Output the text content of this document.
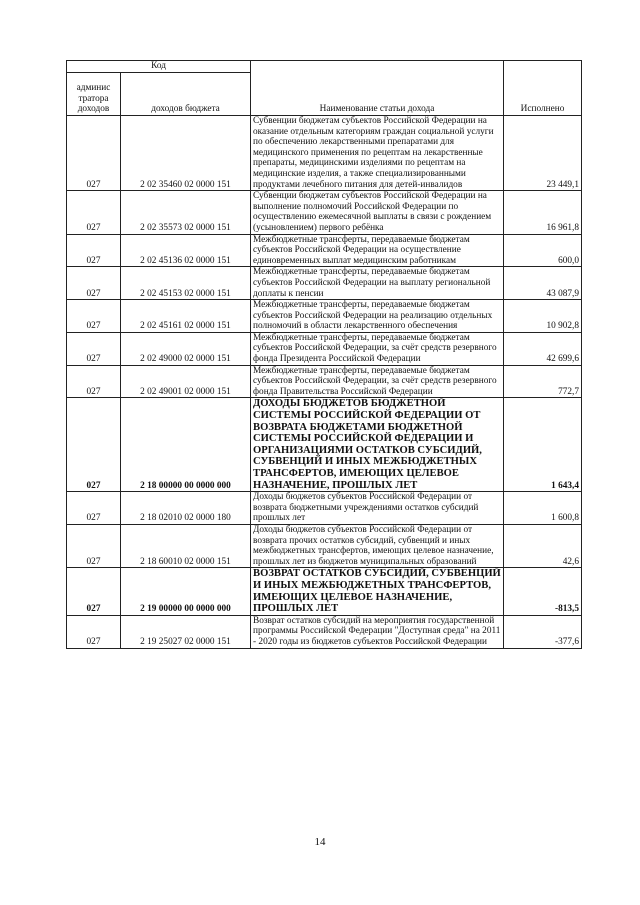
Код		Наименование статьи дохода	Исполнено
админис тратора доходов	доходов бюджета		
027	2 02 35460 02 0000 151	Субвенции бюджетам субъектов Российской Федерации на оказание отдельным категориям граждан социальной услуги по обеспечению лекарственными препаратами для медицинского применения по рецептам на лекарственные препараты, медицинскими изделиями по рецептам на медицинские изделия, а также специализированными продуктами лечебного питания для детей-инвалидов	23 449,1
027	2 02 35573 02 0000 151	Субвенции бюджетам субъектов Российской Федерации на выполнение полномочий Российской Федерации по осуществлению ежемесячной выплаты в связи с рождением (усыновлением) первого ребёнка	16 961,8
027	2 02 45136 02 0000 151	Межбюджетные трансферты, передаваемые бюджетам субъектов Российской Федерации на осуществление единовременных выплат медицинским работникам	600,0
027	2 02 45153 02 0000 151	Межбюджетные трансферты, передаваемые бюджетам субъектов Российской Федерации на выплату региональной доплаты к пенсии	43 087,9
027	2 02 45161 02 0000 151	Межбюджетные трансферты, передаваемые бюджетам субъектов Российской Федерации на реализацию отдельных полномочий в области лекарственного обеспечения	10 902,8
027	2 02 49000 02 0000 151	Межбюджетные трансферты, передаваемые бюджетам субъектов Российской Федерации, за счёт средств резервного фонда Президента Российской Федерации	42 699,6
027	2 02 49001 02 0000 151	Межбюджетные трансферты, передаваемые бюджетам субъектов Российской Федерации, за счёт средств резервного фонда Правительства Российской Федерации	772,7
027	2 18 00000 00 0000 000	ДОХОДЫ БЮДЖЕТОВ БЮДЖЕТНОЙ СИСТЕМЫ РОССИЙСКОЙ ФЕДЕРАЦИИ ОТ ВОЗВРАТА БЮДЖЕТАМИ БЮДЖЕТНОЙ СИСТЕМЫ РОССИЙСКОЙ ФЕДЕРАЦИИ И ОРГАНИЗАЦИЯМИ ОСТАТКОВ СУБСИДИЙ, СУБВЕНЦИЙ И ИНЫХ МЕЖБЮДЖЕТНЫХ ТРАНСФЕРТОВ, ИМЕЮЩИХ ЦЕЛЕВОЕ НАЗНАЧЕНИЕ, ПРОШЛЫХ ЛЕТ	1 643,4
027	2 18 02010 02 0000 180	Доходы бюджетов субъектов Российской Федерации от возврата бюджетными учреждениями остатков субсидий прошлых лет	1 600,8
027	2 18 60010 02 0000 151	Доходы бюджетов субъектов Российской Федерации от возврата прочих остатков субсидий, субвенций и иных межбюджетных трансфертов, имеющих целевое назначение, прошлых лет из бюджетов муниципальных образований	42,6
027	2 19 00000 00 0000 000	ВОЗВРАТ ОСТАТКОВ СУБСИДИЙ, СУБВЕНЦИЙ И ИНЫХ МЕЖБЮДЖЕТНЫХ ТРАНСФЕРТОВ, ИМЕЮЩИХ ЦЕЛЕВОЕ НАЗНАЧЕНИЕ, ПРОШЛЫХ ЛЕТ	-813,5
027	2 19 25027 02 0000 151	Возврат остатков субсидий на мероприятия государственной программы Российской Федерации "Доступная среда" на 2011 - 2020 годы из бюджетов субъектов Российской Федерации	-377,6
14
